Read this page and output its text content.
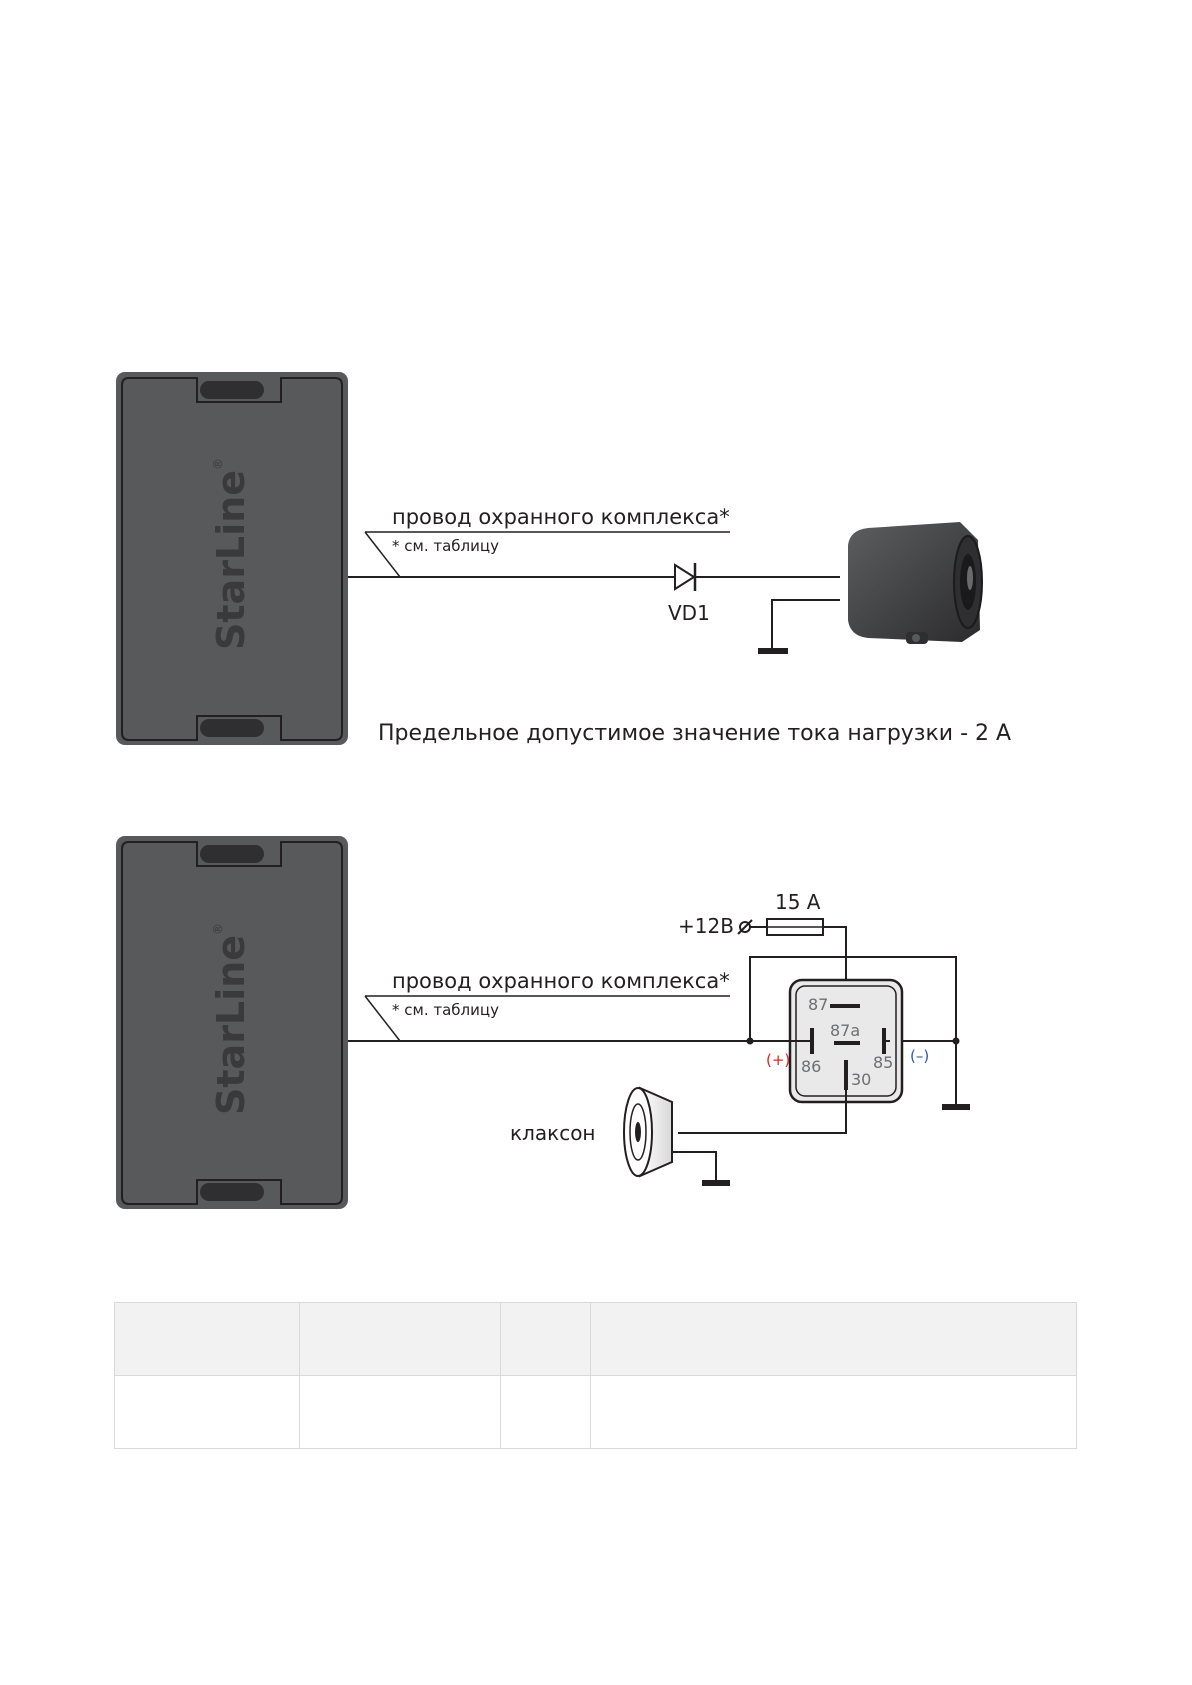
StarLine
®
провод охранного комплекса*
* см. таблицу
VD1
Предельное допустимое значение тока нагрузки - 2 А
StarLine
®
провод охранного комплекса*
* см. таблицу
+12В
15 А
87
87a
86	85
30
(+)	(–)
клаксон
